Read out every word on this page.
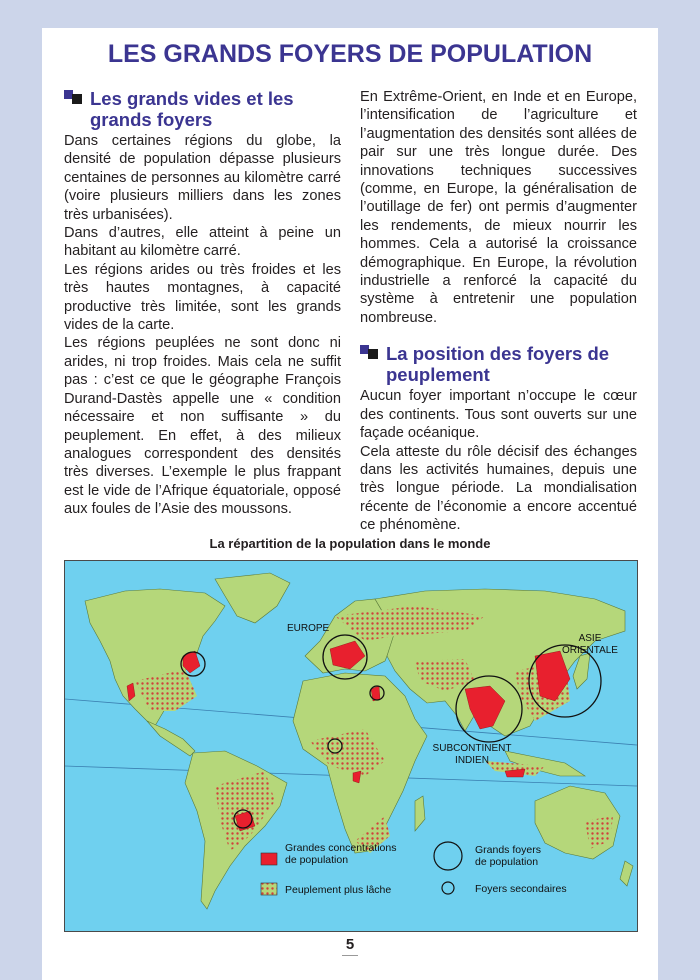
LES GRANDS FOYERS DE POPULATION
Les grands vides et les grands foyers

Dans certaines régions du globe, la densité de population dépasse plusieurs centaines de personnes au kilomètre carré (voire plusieurs milliers dans les zones très urbanisées).

Dans d’autres, elle atteint à peine un habitant au kilomètre carré.

Les régions arides ou très froides et les très hautes montagnes, à capacité productive très limitée, sont les grands vides de la carte.

Les régions peuplées ne sont donc ni arides, ni trop froides. Mais cela ne suffit pas : c’est ce que le géographe François Durand-Dastès appelle une « condition nécessaire et non suffisante » du peuplement. En effet, à des milieux analogues correspondent des densités très diverses. L’exemple le plus frappant est le vide de l’Afrique équatoriale, opposé aux foules de l’Asie des moussons.

En Extrême-Orient, en Inde et en Europe, l’intensification de l’agriculture et l’augmentation des densités sont allées de pair sur une très longue durée. Des innovations techniques successives (comme, en Europe, la généralisation de l’outillage de fer) ont permis d’augmenter les rendements, de mieux nourrir les hommes. Cela a autorisé la croissance démographique. En Europe, la révolution industrielle a renforcé la capacité du système à entretenir une population nombreuse.

La position des foyers de peuplement

Aucun foyer important n’occupe le cœur des continents. Tous sont ouverts sur une façade océanique.

Cela atteste du rôle décisif des échanges dans les activités humaines, depuis une très longue période. La mondialisation récente de l’économie a encore accentué ce phénomène.

La répartition de la population dans le monde
EUROPE
ASIE
ORIENTALE
SUBCONTINENT
INDIEN
Grandes concentrations
de population
Peuplement plus lâche
Grands foyers
de population
Foyers secondaires
5
